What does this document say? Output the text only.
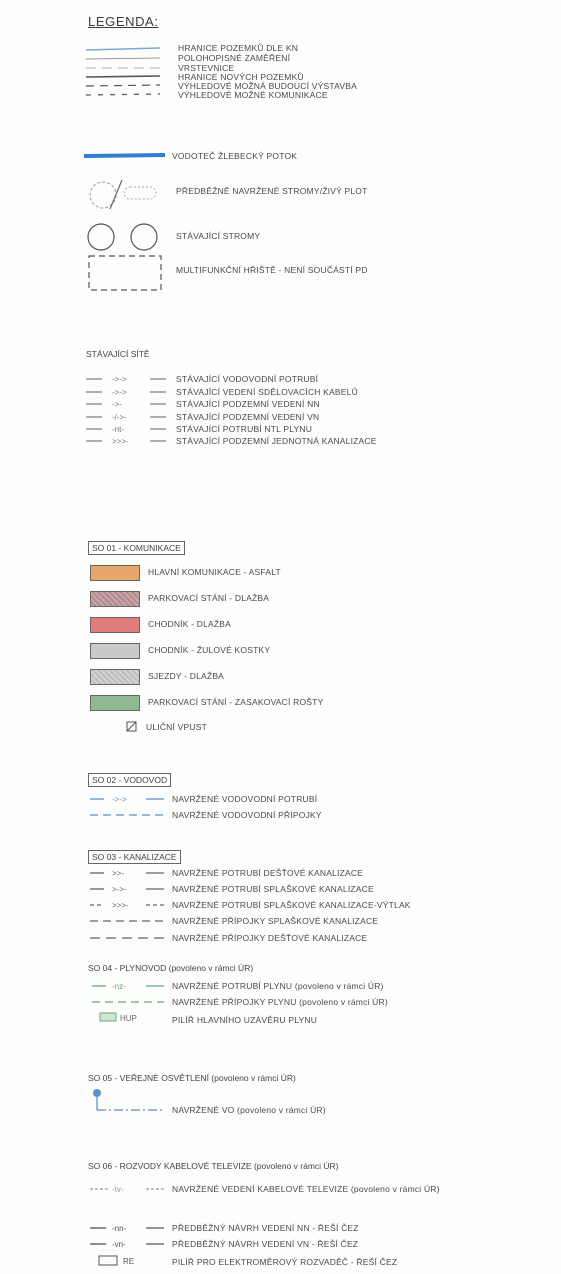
LEGENDA:
HRANICE POZEMKŮ DLE KN
POLOHOPISNÉ ZAMĚŘENÍ
VRSTEVNICE
HRANICE NOVÝCH POZEMKŮ
VÝHLEDOVÉ MOŽNÁ BUDOUCÍ VÝSTAVBA
VÝHLEDOVÉ MOŽNÉ KOMUNIKACE
VODOTEČ ŽLEBECKÝ POTOK
PŘEDBĚŽNĚ NAVRŽENÉ STROMY/ŽIVÝ PLOT
STÁVAJÍCÍ STROMY
MULTIFUNKČNÍ HŘIŠTĚ - NENÍ SOUČÁSTÍ PD
STÁVAJÍCÍ SÍTĚ
->->
->->
->-
-/->-
-nt-
>>>-
STÁVAJÍCÍ VODOVODNÍ POTRUBÍ
STÁVAJÍCÍ VEDENÍ SDĚLOVACÍCH KABELŮ
STÁVAJÍCÍ PODZEMNÍ VEDENÍ NN
STÁVAJÍCÍ PODZEMNÍ VEDENÍ VN
STÁVAJÍCÍ POTRUBÍ NTL PLYNU
STÁVAJÍCÍ PODZEMNÍ JEDNOTNÁ KANALIZACE
SO 01 - KOMUNIKACE
HLAVNÍ KOMUNIKACE - ASFALT
PARKOVACÍ STÁNÍ - DLAŽBA
CHODNÍK - DLAŽBA
CHODNÍK - ŽULOVÉ KOSTKY
SJEZDY - DLAŽBA
PARKOVACÍ STÁNÍ - ZASAKOVACÍ ROŠTY
ULIČNÍ VPUST
SO 02 - VODOVOD
->->	NAVRŽENÉ VODOVODNÍ POTRUBÍ
NAVRŽENÉ VODOVODNÍ PŘÍPOJKY
SO 03 - KANALIZACE
>>-
>->-
>>>-
NAVRŽENÉ POTRUBÍ DEŠŤOVÉ KANALIZACE
NAVRŽENÉ POTRUBÍ SPLAŠKOVÉ KANALIZACE
NAVRŽENÉ POTRUBÍ SPLAŠKOVÉ KANALIZACE-VÝTLAK
NAVRŽENÉ PŘÍPOJKY SPLAŠKOVÉ KANALIZACE
NAVRŽENÉ PŘÍPOJKY DEŠŤOVÉ KANALIZACE
SO 04 - PLYNOVOD (povoleno v rámci ÚR)
-nz-
HUP
NAVRŽENÉ POTRUBÍ PLYNU (povoleno v rámci ÚR)
NAVRŽENÉ PŘÍPOJKY PLYNU (povoleno v rámci ÚR)
PILÍŘ HLAVNÍHO UZÁVĚRU PLYNU
SO 05 - VEŘEJNÉ OSVĚTLENÍ (povoleno v rámci ÚR)
NAVRŽENÉ VO (povoleno v rámci ÚR)
SO 06 - ROZVODY KABELOVÉ TELEVIZE (povoleno v rámci ÚR)
-tv-	NAVRŽENÉ VEDENÍ KABELOVÉ TELEVIZE (povoleno v rámci ÚR)
-nn-
-vn-
RE
PŘEDBĚŽNÝ NÁVRH VEDENÍ NN - ŘEŠÍ ČEZ
PŘEDBĚŽNÝ NÁVRH VEDENÍ VN - ŘEŠÍ ČEZ
PILÍŘ PRO ELEKTROMĚROVÝ ROZVADĚČ - ŘEŠÍ ČEZ
